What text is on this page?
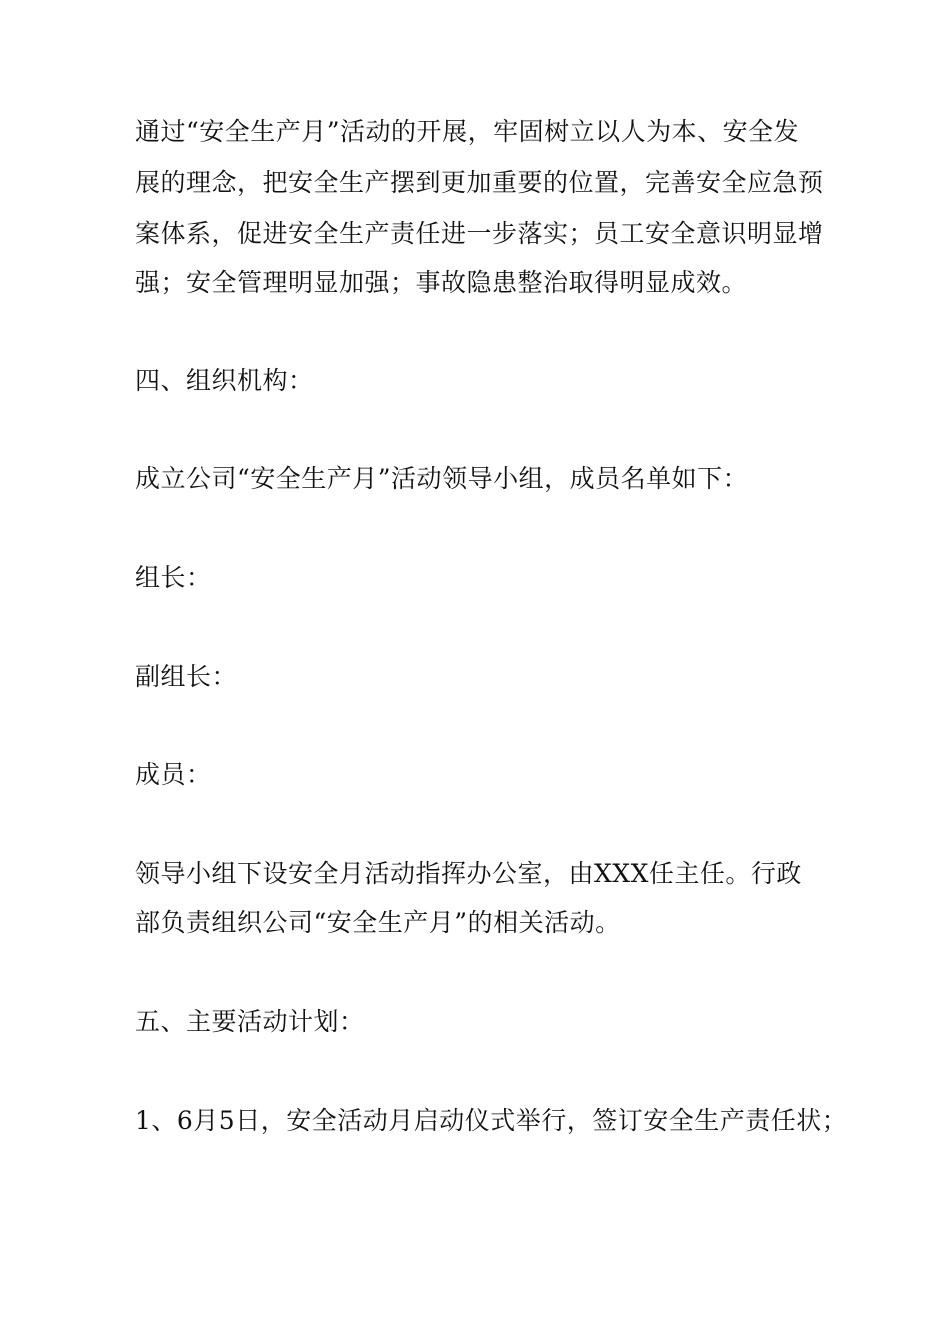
通过“安全生产月”活动的开展，牢固树立以人为本、安全发
展的理念，把安全生产摆到更加重要的位置，完善安全应急预
案体系，促进安全生产责任进一步落实；员工安全意识明显增
强；安全管理明显加强；事故隐患整治取得明显成效。
四、组织机构：
成立公司“安全生产月”活动领导小组，成员名单如下：
组长：
副组长：
成员：
领导小组下设安全月活动指挥办公室，由XXX任主任。行政
部负责组织公司“安全生产月”的相关活动。
五、主要活动计划：
1、6月5日，安全活动月启动仪式举行，签订安全生产责任状；
